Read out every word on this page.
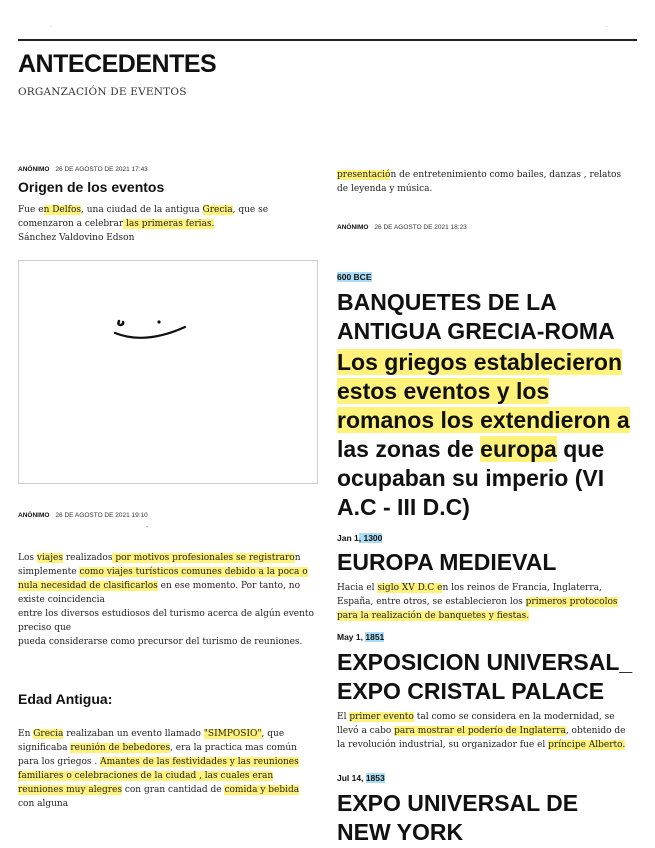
.	.
ANTECEDENTES
ORGANZACIÓN DE EVENTOS
ANÓNIMO 26 DE AGOSTO DE 2021 17:43
Origen de los eventos

Fue en Delfos, una ciudad de la antigua Grecia, que se comenzaron a celebrar las primeras ferias.

Sánchez Valdovino Edson

ANÓNIMO 26 DE AGOSTO DE 2021 19:10
-

Los viajes realizados por motivos profesionales se registraron simplemente como viajes turísticos comunes debido a la poca o nula necesidad de clasificarlos en ese momento. Por tanto, no existe coincidencia

entre los diversos estudiosos del turismo acerca de algún evento preciso que

pueda considerarse como precursor del turismo de reuniones.

Edad Antigua:

En Grecia realizaban un evento llamado "SIMPOSIO", que significaba reunión de bebedores, era la practica mas común para los griegos . Amantes de las festividades y las reuniones familiares o celebraciones de la ciudad , las cuales eran reuniones muy alegres con gran cantidad de comida y bebida con alguna

presentación de entretenimiento como bailes, danzas , relatos de leyenda y música.

ANÓNIMO 26 DE AGOSTO DE 2021 18:23
600 BCE
BANQUETES DE LA ANTIGUA GRECIA-ROMA

Los griegos establecieron estos eventos y los romanos los extendieron a las zonas de europa que ocupaban su imperio (VI A.C - III D.C)

Jan 1, 1300
EUROPA MEDIEVAL

Hacia el siglo XV D.C en los reinos de Francia, Inglaterra, España, entre otros, se establecieron los primeros protocolos para la realización de banquetes y fiestas.

May 1, 1851
EXPOSICION UNIVERSAL_ EXPO CRISTAL PALACE

El primer evento tal como se considera en la modernidad, se llevó a cabo para mostrar el poderío de Inglaterra, obtenido de la revolución industrial, su organizador fue el príncipe Alberto.

Jul 14, 1853
EXPO UNIVERSAL DE NEW YORK
